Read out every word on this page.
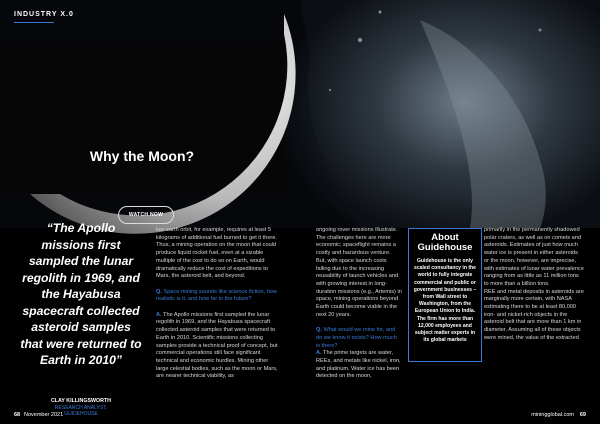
INDUSTRY X.0
Why the Moon?
WATCH NOW
“The Apollo missions first sampled the lunar regolith in 1969, and the Hayabusa spacecraft collected asteroid samples that were returned to Earth in 2010”
CLAY KILLINGSWORTH
RESEARCH ANALYST,
GUIDEHOUSE

low earth orbit, for example, requires at least 5 kilograms of additional fuel burned to get it there. Thus, a mining operation on the moon that could produce liquid rocket fuel, even at a sizable multiple of the cost to do so on Earth, would dramatically reduce the cost of expeditions to Mars, the asteroid belt, and beyond.

Q. Space mining sounds like science fiction, how realistic is it, and how far in the future?

A. The Apollo missions first sampled the lunar regolith in 1969, and the Hayabusa spacecraft collected asteroid samples that were returned to Earth in 2010. Scientific missions collecting samples provide a technical proof of concept, but commercial operations still face significant technical and economic hurdles. Mining other large celestial bodies, such as the moon or Mars, are nearer technical viability, as

ongoing rover missions illustrate. The challenges here are more economic; spaceflight remains a costly and hazardous venture. But, with space launch costs falling due to the increasing reusability of launch vehicles and with growing interest in long-duration missions (e.g., Artemis) in space, mining operations beyond Earth could become viable in the next 20 years.

Q. What would we mine for, and do we know it exists? How much is there?
A. The prime targets are water, REEs, and metals like nickel, iron, and platinum. Water ice has been detected on the moon,

About
Guidehouse
Guidehouse is the only scaled consultancy in the world to fully integrate commercial and public or government businesses – from Wall street to Washington, from the European Union to India. The firm has more than 12,000 employees and subject matter experts in its global markets

primarily in the permanently shadowed polar craters, as well as on comets and asteroids. Estimates of just how much water ice is present in either asteroids or the moon, however, are imprecise, with estimates of lunar water prevalence ranging from as little as 11 million tons to more than a billion tons.

REE and metal deposits in asteroids are marginally more certain, with NASA estimating there to be at least 80,000 iron- and nickel-rich objects in the asteroid belt that are more than 1 km in diameter. Assuming all of these objects were mined, the value of the extracted

68 November 2021	miningglobal.com 69
